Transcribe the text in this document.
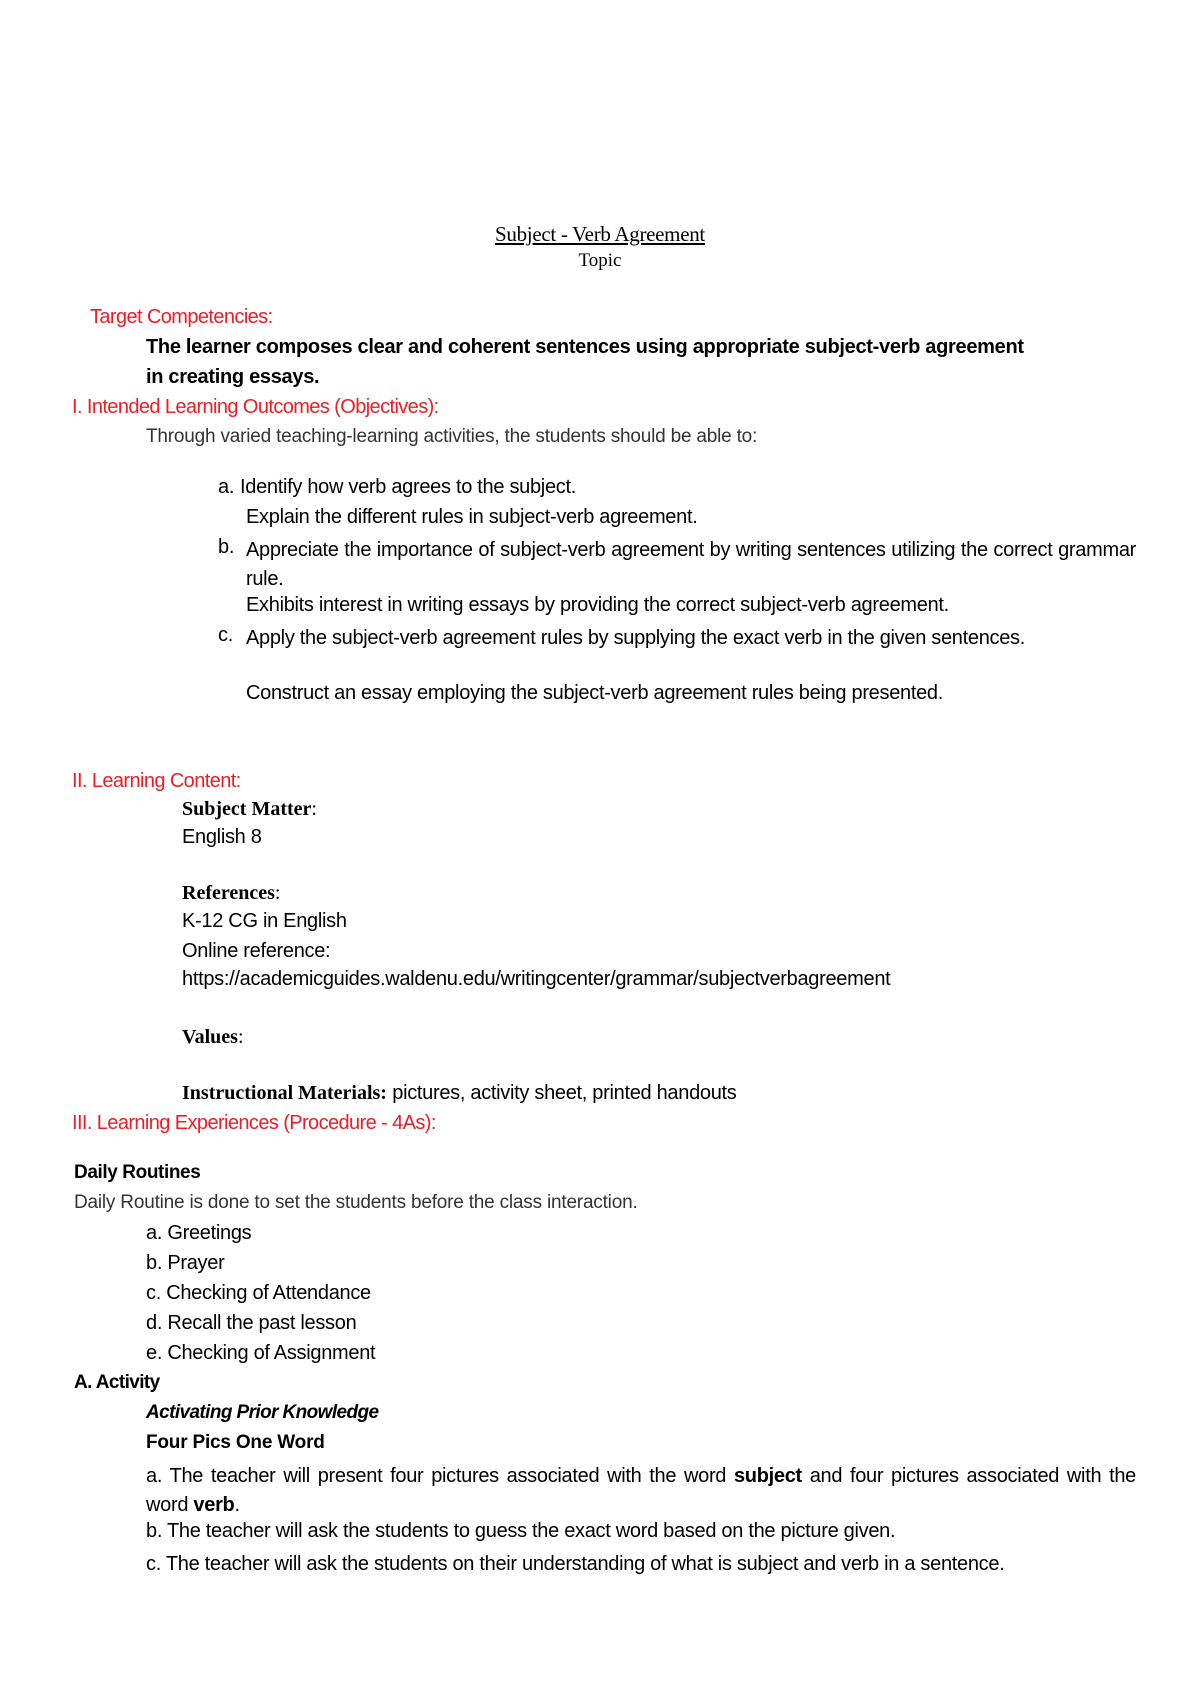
Subject - Verb Agreement

Topic

Target Competencies:

The learner composes clear and coherent sentences using appropriate subject-verb agreement

in creating essays.

I. Intended Learning Outcomes (Objectives):

Through varied teaching-learning activities, the students should be able to:

a. Identify how verb agrees to the subject.

Explain the different rules in subject-verb agreement.

b. Appreciate the importance of subject-verb agreement by writing sentences utilizing the correct grammar rule.

Exhibits interest in writing essays by providing the correct subject-verb agreement.

c. Apply the subject-verb agreement rules by supplying the exact verb in the given sentences.

Construct an essay employing the subject-verb agreement rules being presented.

II. Learning Content:

Subject Matter:

English 8

References:

K-12 CG in English

Online reference:

https://academicguides.waldenu.edu/writingcenter/grammar/subjectverbagreement

Values:

Instructional Materials: pictures, activity sheet, printed handouts

III. Learning Experiences (Procedure - 4As):

Daily Routines

Daily Routine is done to set the students before the class interaction.

a. Greetings

b. Prayer

c. Checking of Attendance

d. Recall the past lesson

e. Checking of Assignment

A. Activity

Activating Prior Knowledge

Four Pics One Word

a. The teacher will present four pictures associated with the word subject and four pictures associated with the word verb.

b. The teacher will ask the students to guess the exact word based on the picture given.

c. The teacher will ask the students on their understanding of what is subject and verb in a sentence.
